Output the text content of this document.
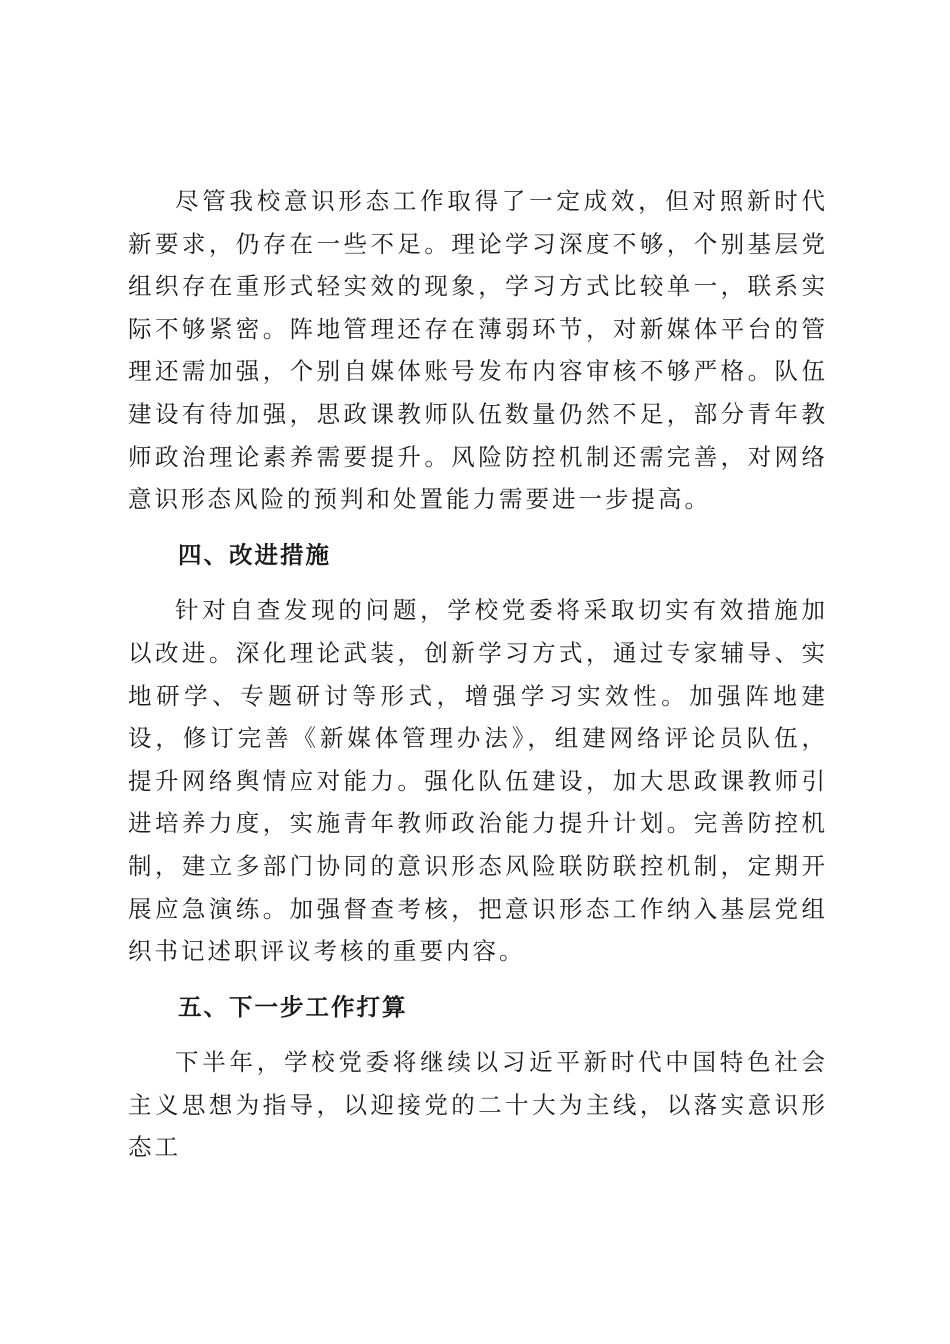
尽管我校意识形态工作取得了一定成效，但对照新时代新要求，仍存在一些不足。理论学习深度不够，个别基层党组织存在重形式轻实效的现象，学习方式比较单一，联系实际不够紧密。阵地管理还存在薄弱环节，对新媒体平台的管理还需加强，个别自媒体账号发布内容审核不够严格。队伍建设有待加强，思政课教师队伍数量仍然不足，部分青年教师政治理论素养需要提升。风险防控机制还需完善，对网络意识形态风险的预判和处置能力需要进一步提高。

四、改进措施

针对自查发现的问题，学校党委将采取切实有效措施加以改进。深化理论武装，创新学习方式，通过专家辅导、实地研学、专题研讨等形式，增强学习实效性。加强阵地建设，修订完善《新媒体管理办法》，组建网络评论员队伍，提升网络舆情应对能力。强化队伍建设，加大思政课教师引进培养力度，实施青年教师政治能力提升计划。完善防控机制，建立多部门协同的意识形态风险联防联控机制，定期开展应急演练。加强督查考核，把意识形态工作纳入基层党组织书记述职评议考核的重要内容。

五、下一步工作打算

下半年，学校党委将继续以习近平新时代中国特色社会主义思想为指导，以迎接党的二十大为主线，以落实意识形态工
